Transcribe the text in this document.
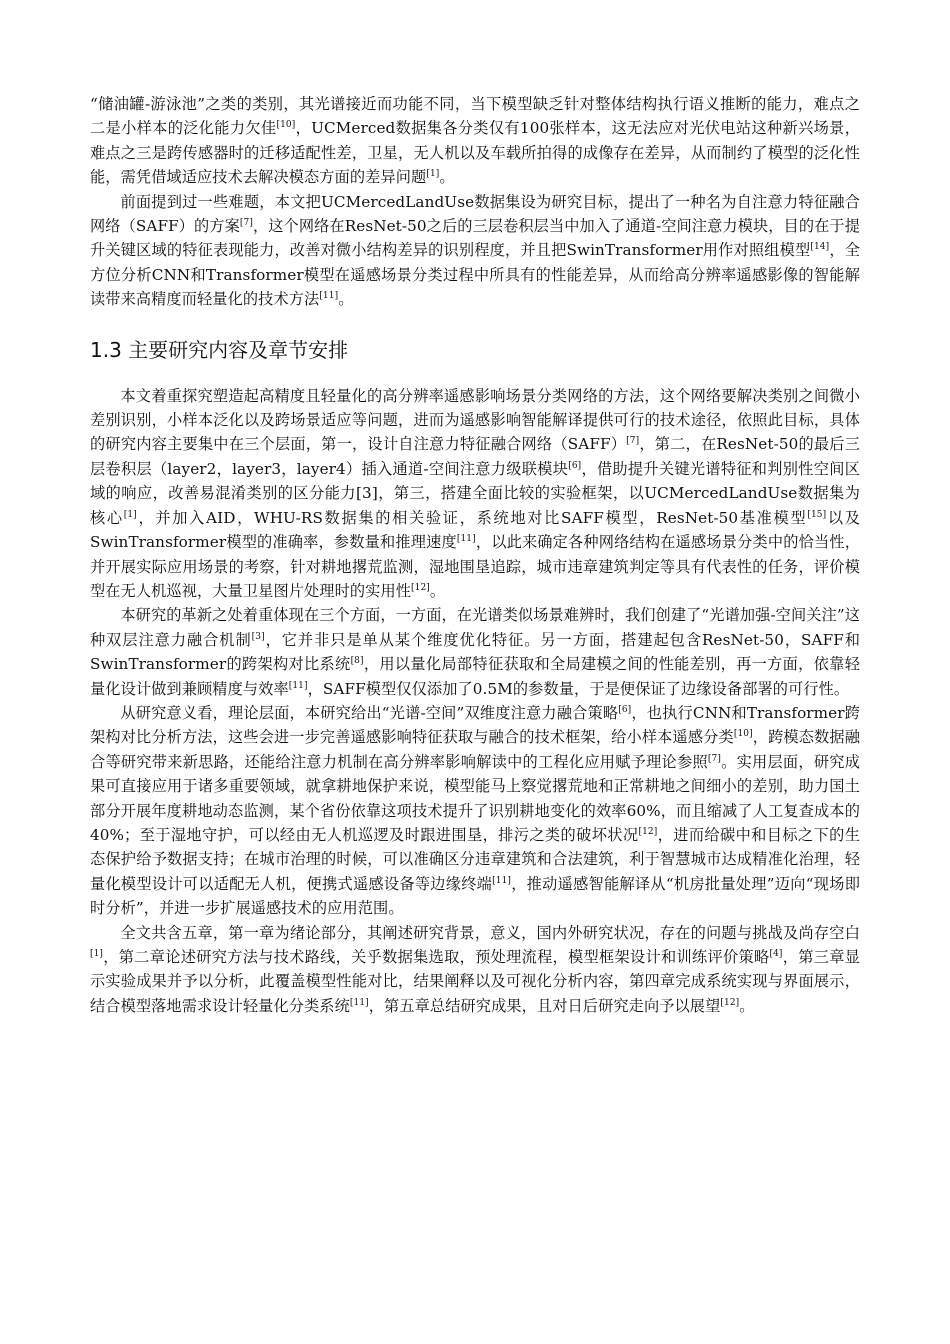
“储油罐-游泳池”之类的类别，其光谱接近而功能不同，当下模型缺乏针对整体结构执行语义推断的能力，难点之二是小样本的泛化能力欠佳[10]，UCMerced数据集各分类仅有100张样本，这无法应对光伏电站这种新兴场景，难点之三是跨传感器时的迁移适配性差，卫星，无人机以及车载所拍得的成像存在差异，从而制约了模型的泛化性能，需凭借域适应技术去解决模态方面的差异问题[1]。

前面提到过一些难题，本文把UCMercedLandUse数据集设为研究目标，提出了一种名为自注意力特征融合网络（SAFF）的方案[7]，这个网络在ResNet-50之后的三层卷积层当中加入了通道-空间注意力模块，目的在于提升关键区域的特征表现能力，改善对微小结构差异的识别程度，并且把SwinTransformer用作对照组模型[14]，全方位分析CNN和Transformer模型在遥感场景分类过程中所具有的性能差异，从而给高分辨率遥感影像的智能解读带来高精度而轻量化的技术方法[11]。

1.3 主要研究内容及章节安排

本文着重探究塑造起高精度且轻量化的高分辨率遥感影响场景分类网络的方法，这个网络要解决类别之间微小差别识别，小样本泛化以及跨场景适应等问题，进而为遥感影响智能解译提供可行的技术途径，依照此目标，具体的研究内容主要集中在三个层面，第一，设计自注意力特征融合网络（SAFF）[7]，第二，在ResNet-50的最后三层卷积层（layer2，layer3，layer4）插入通道-空间注意力级联模块[6]，借助提升关键光谱特征和判别性空间区域的响应，改善易混淆类别的区分能力[3]，第三，搭建全面比较的实验框架，以UCMercedLandUse数据集为核心[1]，并加入AID，WHU-RS数据集的相关验证，系统地对比SAFF模型，ResNet-50基准模型[15]以及SwinTransformer模型的准确率，参数量和推理速度[11]，以此来确定各种网络结构在遥感场景分类中的恰当性，并开展实际应用场景的考察，针对耕地撂荒监测，湿地围垦追踪，城市违章建筑判定等具有代表性的任务，评价模型在无人机巡视，大量卫星图片处理时的实用性[12]。

本研究的革新之处着重体现在三个方面，一方面，在光谱类似场景难辨时，我们创建了“光谱加强-空间关注”这种双层注意力融合机制[3]，它并非只是单从某个维度优化特征。另一方面，搭建起包含ResNet-50，SAFF和SwinTransformer的跨架构对比系统[8]，用以量化局部特征获取和全局建模之间的性能差别，再一方面，依靠轻量化设计做到兼顾精度与效率[11]，SAFF模型仅仅添加了0.5M的参数量，于是便保证了边缘设备部署的可行性。

从研究意义看，理论层面，本研究给出“光谱-空间”双维度注意力融合策略[6]，也执行CNN和Transformer跨架构对比分析方法，这些会进一步完善遥感影响特征获取与融合的技术框架，给小样本遥感分类[10]，跨模态数据融合等研究带来新思路，还能给注意力机制在高分辨率影响解读中的工程化应用赋予理论参照[7]。实用层面，研究成果可直接应用于诸多重要领域，就拿耕地保护来说，模型能马上察觉撂荒地和正常耕地之间细小的差别，助力国土部分开展年度耕地动态监测，某个省份依靠这项技术提升了识别耕地变化的效率60%，而且缩减了人工复查成本的40%；至于湿地守护，可以经由无人机巡逻及时跟进围垦，排污之类的破坏状况[12]，进而给碳中和目标之下的生态保护给予数据支持；在城市治理的时候，可以准确区分违章建筑和合法建筑，利于智慧城市达成精准化治理，轻量化模型设计可以适配无人机，便携式遥感设备等边缘终端[11]，推动遥感智能解译从“机房批量处理”迈向“现场即时分析”，并进一步扩展遥感技术的应用范围。

全文共含五章，第一章为绪论部分，其阐述研究背景，意义，国内外研究状况，存在的问题与挑战及尚存空白[1]，第二章论述研究方法与技术路线，关乎数据集选取，预处理流程，模型框架设计和训练评价策略[4]，第三章显示实验成果并予以分析，此覆盖模型性能对比，结果阐释以及可视化分析内容，第四章完成系统实现与界面展示，结合模型落地需求设计轻量化分类系统[11]，第五章总结研究成果，且对日后研究走向予以展望[12]。
